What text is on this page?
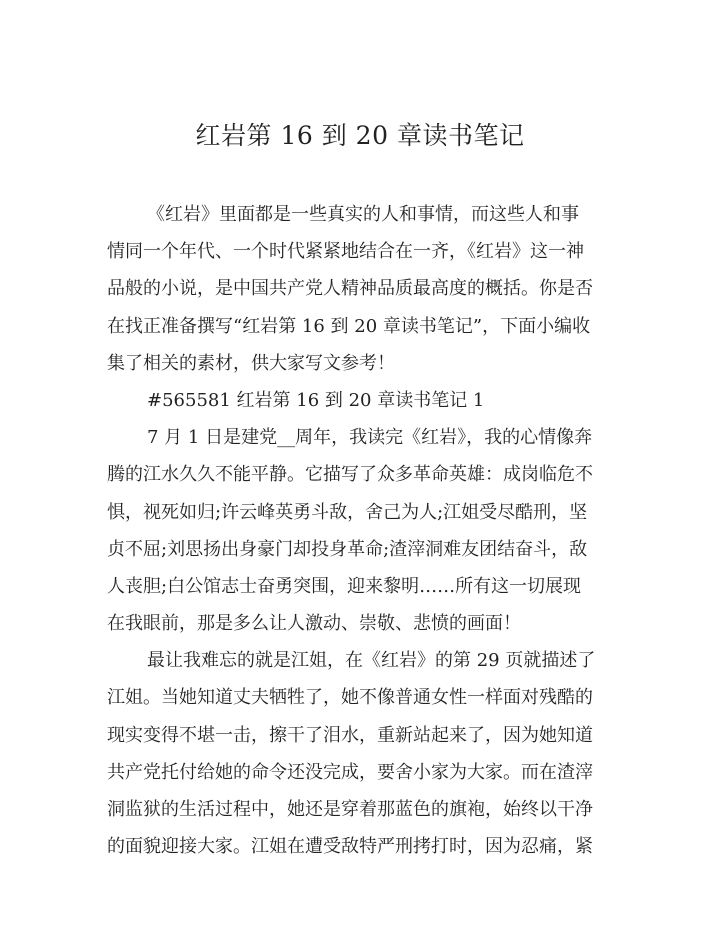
红岩第 16 到 20 章读书笔记
《红岩》里面都是一些真实的人和事情，而这些人和事
情同一个年代、一个时代紧紧地结合在一齐，《红岩》这一神
品般的小说，是中国共产党人精神品质最高度的概括。你是否
在找正准备撰写“红岩第 16 到 20 章读书笔记”，下面小编收
集了相关的素材，供大家写文参考！
#565581 红岩第 16 到 20 章读书笔记 1
7 月 1 日是建党__周年，我读完《红岩》，我的心情像奔
腾的江水久久不能平静。它描写了众多革命英雄：成岗临危不
惧，视死如归;许云峰英勇斗敌，舍己为人;江姐受尽酷刑，坚
贞不屈;刘思扬出身豪门却投身革命;渣滓洞难友团结奋斗，敌
人丧胆;白公馆志士奋勇突围，迎来黎明……所有这一切展现
在我眼前，那是多么让人激动、崇敬、悲愤的画面！
最让我难忘的就是江姐，在《红岩》的第 29 页就描述了
江姐。当她知道丈夫牺牲了，她不像普通女性一样面对残酷的
现实变得不堪一击，擦干了泪水，重新站起来了，因为她知道
共产党托付给她的命令还没完成，要舍小家为大家。而在渣滓
洞监狱的生活过程中，她还是穿着那蓝色的旗袍，始终以干净
的面貌迎接大家。江姐在遭受敌特严刑拷打时，因为忍痛，紧
